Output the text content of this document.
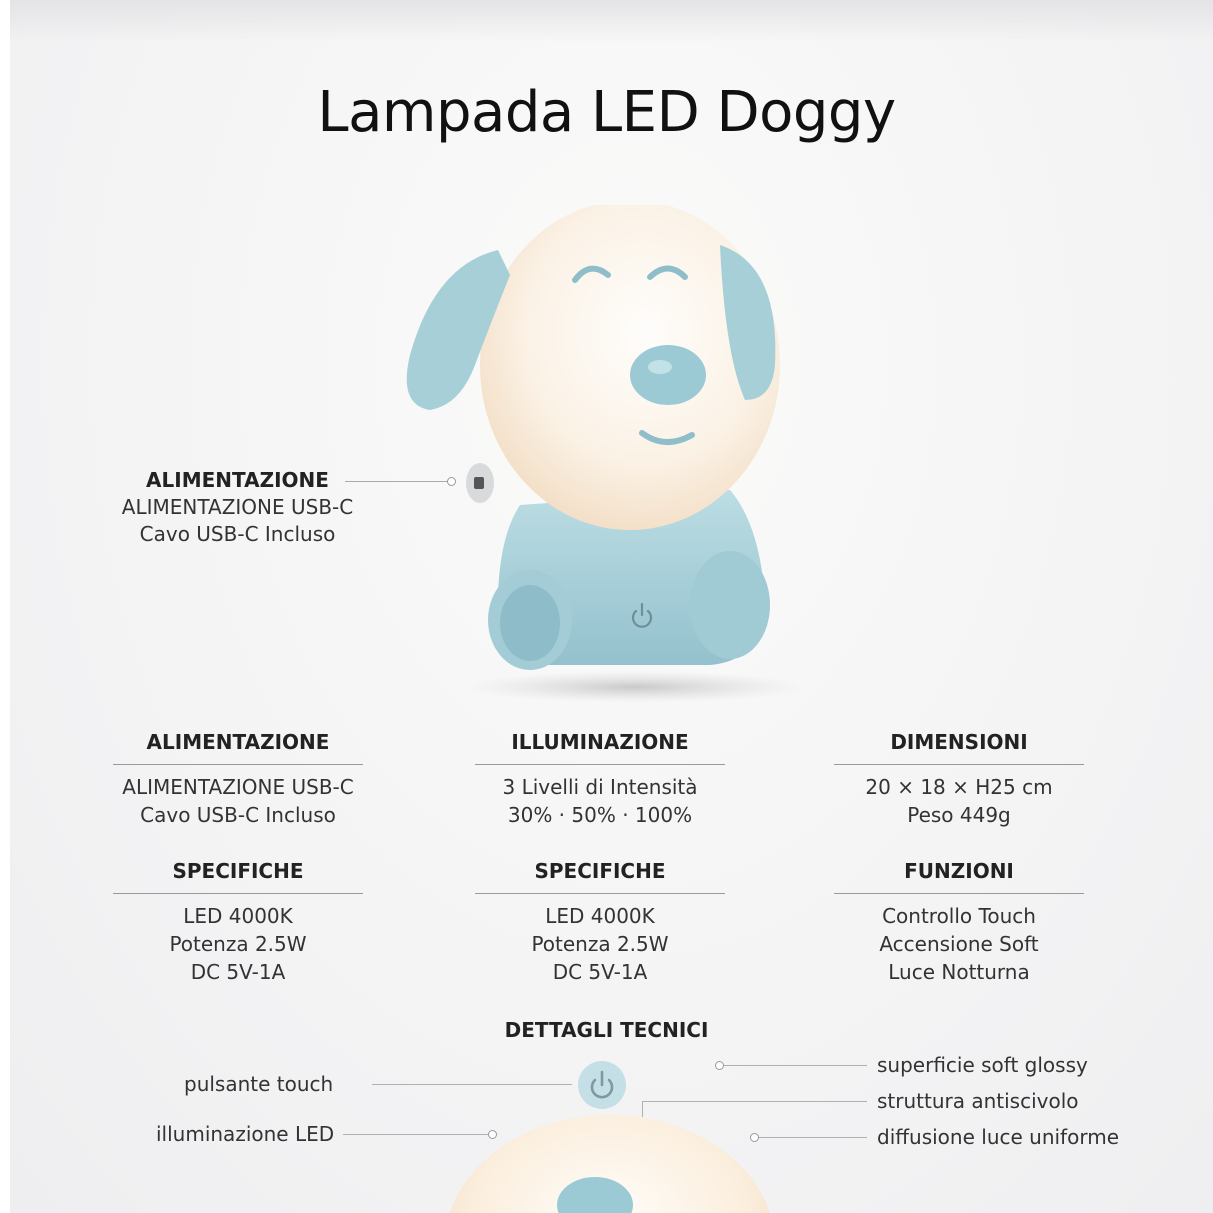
Lampada LED Doggy
ALIMENTAZIONE
ALIMENTAZIONE USB-C
Cavo USB-C Incluso
ALIMENTAZIONE
ALIMENTAZIONE USB-C
Cavo USB-C Incluso
ILLUMINAZIONE
3 Livelli di Intensità
30% · 50% · 100%
DIMENSIONI
20 × 18 × H25 cm
Peso 449g
SPECIFICHE
LED 4000K
Potenza 2.5W
DC 5V-1A
SPECIFICHE
LED 4000K
Potenza 2.5W
DC 5V-1A
FUNZIONI
Controllo Touch
Accensione Soft
Luce Notturna
DETTAGLI TECNICI
pulsante touch
illuminazione LED
superficie soft glossy
struttura antiscivolo
diffusione luce uniforme
